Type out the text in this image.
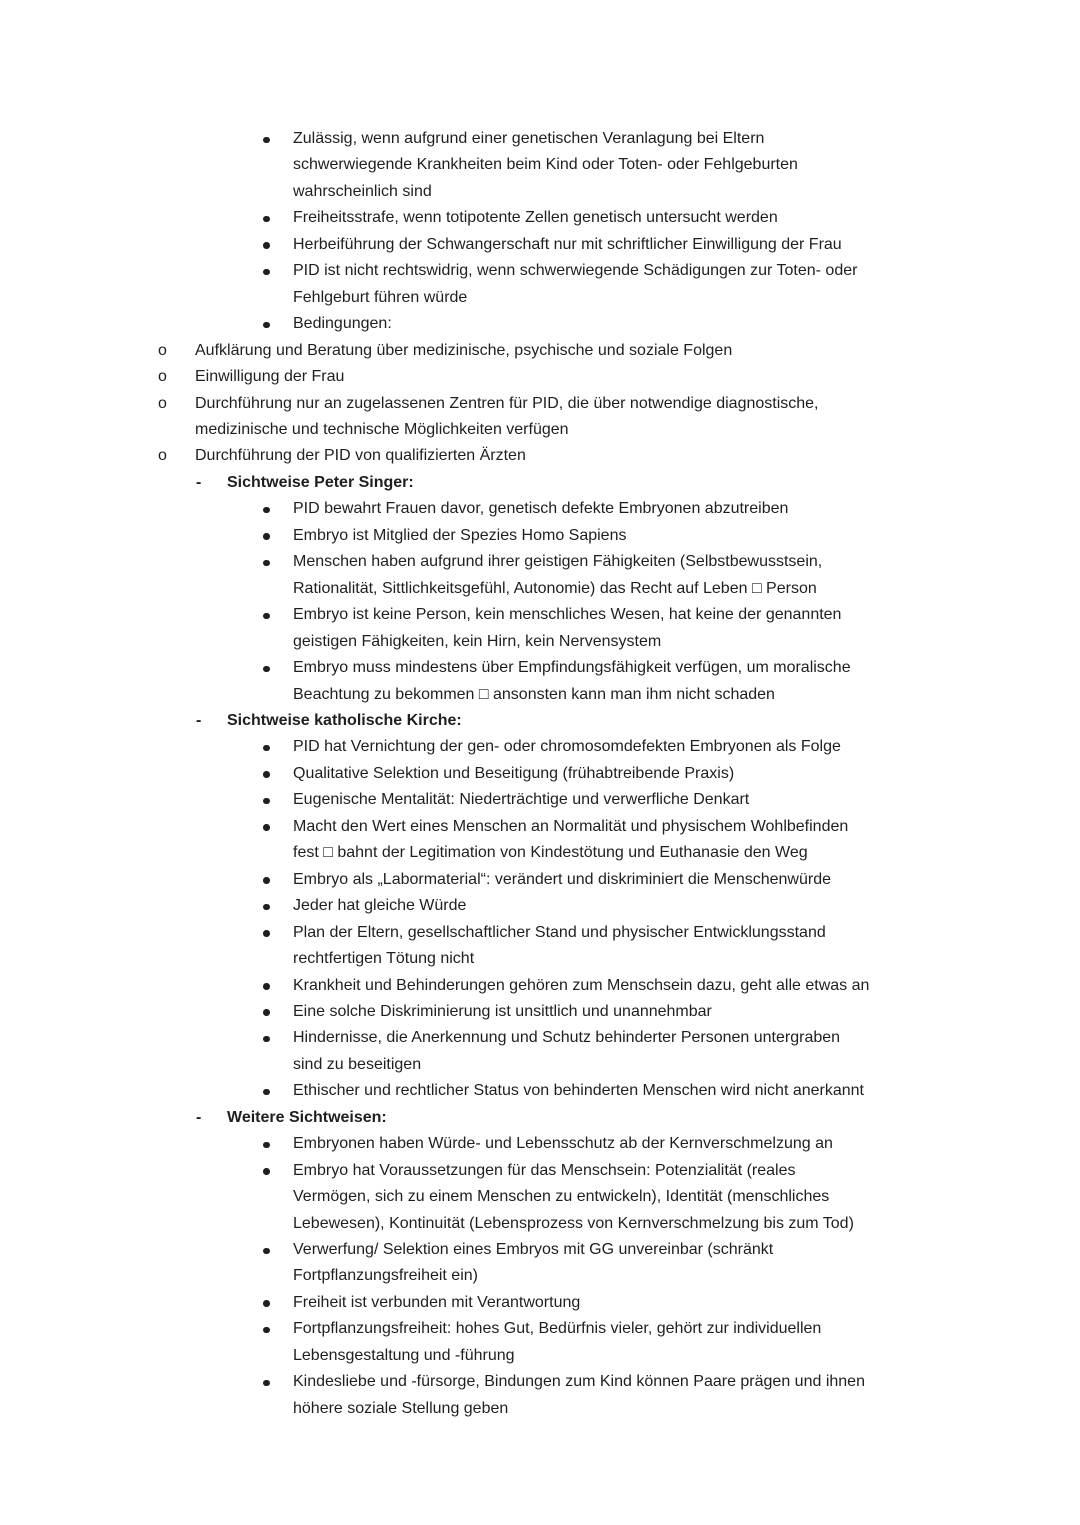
Zulässig, wenn aufgrund einer genetischen Veranlagung bei Eltern
schwerwiegende Krankheiten beim Kind oder Toten- oder Fehlgeburten
wahrscheinlich sind
Freiheitsstrafe, wenn totipotente Zellen genetisch untersucht werden
Herbeiführung der Schwangerschaft nur mit schriftlicher Einwilligung der Frau
PID ist nicht rechtswidrig, wenn schwerwiegende Schädigungen zur Toten- oder
Fehlgeburt führen würde
Bedingungen:
o Aufklärung und Beratung über medizinische, psychische und soziale Folgen
o Einwilligung der Frau
o Durchführung nur an zugelassenen Zentren für PID, die über notwendige diagnostische,
medizinische und technische Möglichkeiten verfügen
o Durchführung der PID von qualifizierten Ärzten
- Sichtweise Peter Singer:
PID bewahrt Frauen davor, genetisch defekte Embryonen abzutreiben
Embryo ist Mitglied der Spezies Homo Sapiens
Menschen haben aufgrund ihrer geistigen Fähigkeiten (Selbstbewusstsein,
Rationalität, Sittlichkeitsgefühl, Autonomie) das Recht auf Leben □ Person
Embryo ist keine Person, kein menschliches Wesen, hat keine der genannten
geistigen Fähigkeiten, kein Hirn, kein Nervensystem
Embryo muss mindestens über Empfindungsfähigkeit verfügen, um moralische
Beachtung zu bekommen □ ansonsten kann man ihm nicht schaden
- Sichtweise katholische Kirche:
PID hat Vernichtung der gen- oder chromosomdefekten Embryonen als Folge
Qualitative Selektion und Beseitigung (frühabtreibende Praxis)
Eugenische Mentalität: Niederträchtige und verwerfliche Denkart
Macht den Wert eines Menschen an Normalität und physischem Wohlbefinden
fest □ bahnt der Legitimation von Kindestötung und Euthanasie den Weg
Embryo als „Labormaterial“: verändert und diskriminiert die Menschenwürde
Jeder hat gleiche Würde
Plan der Eltern, gesellschaftlicher Stand und physischer Entwicklungsstand
rechtfertigen Tötung nicht
Krankheit und Behinderungen gehören zum Menschsein dazu, geht alle etwas an
Eine solche Diskriminierung ist unsittlich und unannehmbar
Hindernisse, die Anerkennung und Schutz behinderter Personen untergraben
sind zu beseitigen
Ethischer und rechtlicher Status von behinderten Menschen wird nicht anerkannt
- Weitere Sichtweisen:
Embryonen haben Würde- und Lebensschutz ab der Kernverschmelzung an
Embryo hat Voraussetzungen für das Menschsein: Potenzialität (reales
Vermögen, sich zu einem Menschen zu entwickeln), Identität (menschliches
Lebewesen), Kontinuität (Lebensprozess von Kernverschmelzung bis zum Tod)
Verwerfung/ Selektion eines Embryos mit GG unvereinbar (schränkt
Fortpflanzungsfreiheit ein)
Freiheit ist verbunden mit Verantwortung
Fortpflanzungsfreiheit: hohes Gut, Bedürfnis vieler, gehört zur individuellen
Lebensgestaltung und -führung
Kindesliebe und -fürsorge, Bindungen zum Kind können Paare prägen und ihnen
höhere soziale Stellung geben
